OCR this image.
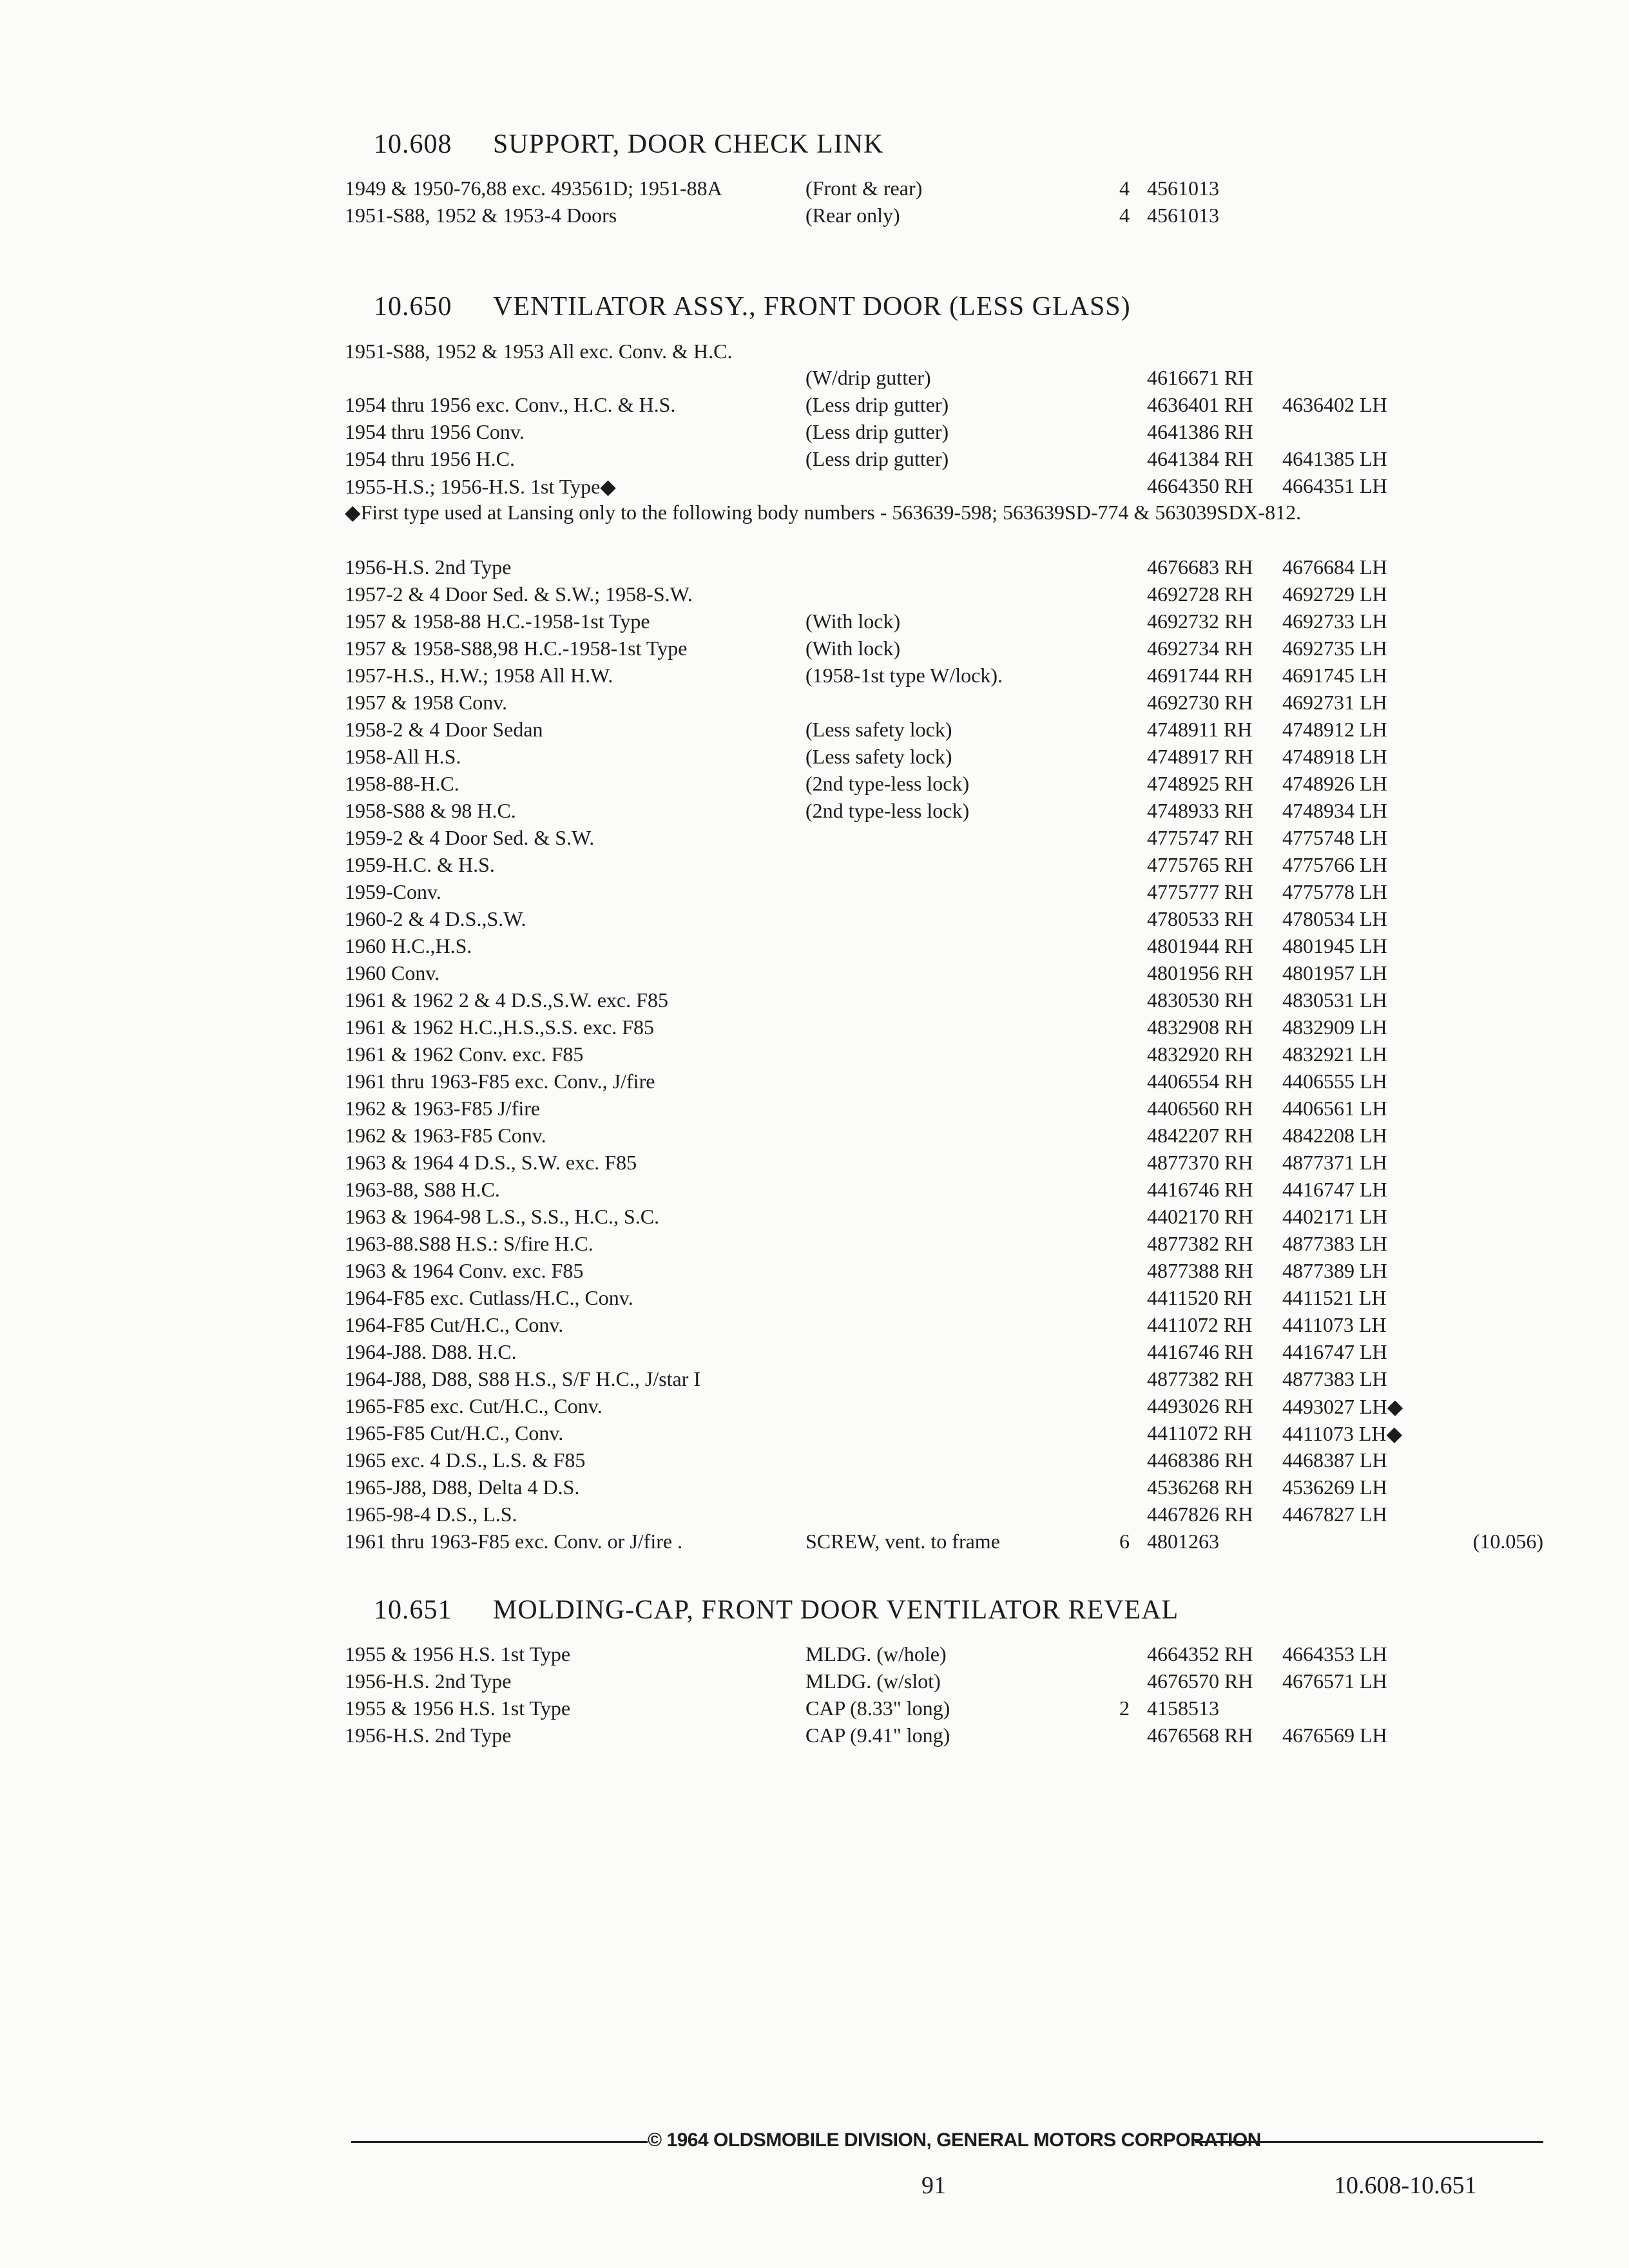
10.608 SUPPORT, DOOR CHECK LINK
1949 & 1950-76,88 exc. 493561D; 1951-88A	(Front & rear)	4 4561013
1951-S88, 1952 & 1953-4 Doors	(Rear only)	4 4561013
10.650 VENTILATOR ASSY., FRONT DOOR (LESS GLASS)
1951-S88, 1952 & 1953 All exc. Conv. & H.C.
(W/drip gutter)	4616671 RH
1954 thru 1956 exc. Conv., H.C. & H.S.	(Less drip gutter)	4636401 RH	4636402 LH
1954 thru 1956 Conv.	(Less drip gutter)	4641386 RH
1954 thru 1956 H.C.	(Less drip gutter)	4641384 RH	4641385 LH
1955-H.S.; 1956-H.S. 1st Type◆	4664350 RH	4664351 LH
◆First type used at Lansing only to the following body numbers - 563639-598; 563639SD-774 & 563039SDX-812.
1956-H.S. 2nd Type	4676683 RH	4676684 LH
1957-2 & 4 Door Sed. & S.W.; 1958-S.W.	4692728 RH	4692729 LH
1957 & 1958-88 H.C.-1958-1st Type	(With lock)	4692732 RH	4692733 LH
1957 & 1958-S88,98 H.C.-1958-1st Type	(With lock)	4692734 RH	4692735 LH
1957-H.S., H.W.; 1958 All H.W.	(1958-1st type W/lock).	4691744 RH	4691745 LH
1957 & 1958 Conv.	4692730 RH	4692731 LH
1958-2 & 4 Door Sedan	(Less safety lock)	4748911 RH	4748912 LH
1958-All H.S.	(Less safety lock)	4748917 RH	4748918 LH
1958-88-H.C.	(2nd type-less lock)	4748925 RH	4748926 LH
1958-S88 & 98 H.C.	(2nd type-less lock)	4748933 RH	4748934 LH
1959-2 & 4 Door Sed. & S.W.	4775747 RH	4775748 LH
1959-H.C. & H.S.	4775765 RH	4775766 LH
1959-Conv.	4775777 RH	4775778 LH
1960-2 & 4 D.S.,S.W.	4780533 RH	4780534 LH
1960 H.C.,H.S.	4801944 RH	4801945 LH
1960 Conv.	4801956 RH	4801957 LH
1961 & 1962 2 & 4 D.S.,S.W. exc. F85	4830530 RH	4830531 LH
1961 & 1962 H.C.,H.S.,S.S. exc. F85	4832908 RH	4832909 LH
1961 & 1962 Conv. exc. F85	4832920 RH	4832921 LH
1961 thru 1963-F85 exc. Conv., J/fire	4406554 RH	4406555 LH
1962 & 1963-F85 J/fire	4406560 RH	4406561 LH
1962 & 1963-F85 Conv.	4842207 RH	4842208 LH
1963 & 1964 4 D.S., S.W. exc. F85	4877370 RH	4877371 LH
1963-88, S88 H.C.	4416746 RH	4416747 LH
1963 & 1964-98 L.S., S.S., H.C., S.C.	4402170 RH	4402171 LH
1963-88.S88 H.S.: S/fire H.C.	4877382 RH	4877383 LH
1963 & 1964 Conv. exc. F85	4877388 RH	4877389 LH
1964-F85 exc. Cutlass/H.C., Conv.	4411520 RH	4411521 LH
1964-F85 Cut/H.C., Conv.	4411072 RH	4411073 LH
1964-J88. D88. H.C.	4416746 RH	4416747 LH
1964-J88, D88, S88 H.S., S/F H.C., J/star I	4877382 RH	4877383 LH
1965-F85 exc. Cut/H.C., Conv.	4493026 RH	4493027 LH◆
1965-F85 Cut/H.C., Conv.	4411072 RH	4411073 LH◆
1965 exc. 4 D.S., L.S. & F85	4468386 RH	4468387 LH
1965-J88, D88, Delta 4 D.S.	4536268 RH	4536269 LH
1965-98-4 D.S., L.S.	4467826 RH	4467827 LH
1961 thru 1963-F85 exc. Conv. or J/fire .	SCREW, vent. to frame	6 4801263	(10.056)
10.651 MOLDING-CAP, FRONT DOOR VENTILATOR REVEAL
1955 & 1956 H.S. 1st Type	MLDG. (w/hole)	4664352 RH	4664353 LH
1956-H.S. 2nd Type	MLDG. (w/slot)	4676570 RH	4676571 LH
1955 & 1956 H.S. 1st Type	CAP (8.33" long)	2 4158513
1956-H.S. 2nd Type	CAP (9.41" long)	4676568 RH	4676569 LH
© 1964 OLDSMOBILE DIVISION, GENERAL MOTORS CORPORATION
91	10.608-10.651
